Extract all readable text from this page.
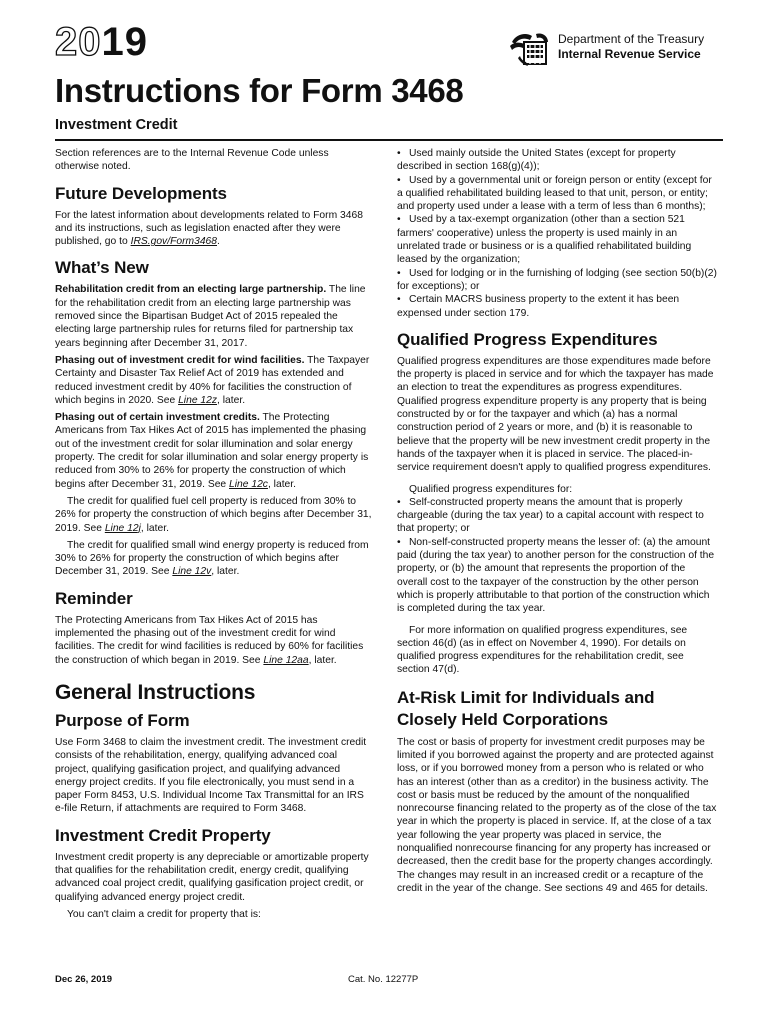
2019
Instructions for Form 3468
Investment Credit
Department of the Treasury
Internal Revenue Service

Section references are to the Internal Revenue Code unless otherwise noted.

Future Developments

For the latest information about developments related to Form 3468 and its instructions, such as legislation enacted after they were published, go to IRS.gov/Form3468.

What’s New

Rehabilitation credit from an electing large partnership. The line for the rehabilitation credit from an electing large partnership was removed since the Bipartisan Budget Act of 2015 repealed the electing large partnership rules for returns filed for partnership tax years beginning after December 31, 2017.

Phasing out of investment credit for wind facilities. The Taxpayer Certainty and Disaster Tax Relief Act of 2019 has extended and reduced investment credit by 40% for facilities the construction of which begins in 2020. See Line 12z, later.

Phasing out of certain investment credits. The Protecting Americans from Tax Hikes Act of 2015 has implemented the phasing out of the investment credit for solar illumination and solar energy property. The credit for solar illumination and solar energy property is reduced from 30% to 26% for property the construction of which begins after December 31, 2019. See Line 12c, later.

The credit for qualified fuel cell property is reduced from 30% to 26% for property the construction of which begins after December 31, 2019. See Line 12j, later.

The credit for qualified small wind energy property is reduced from 30% to 26% for property the construction of which begins after December 31, 2019. See Line 12v, later.

Reminder

The Protecting Americans from Tax Hikes Act of 2015 has implemented the phasing out of the investment credit for wind facilities. The credit for wind facilities is reduced by 60% for facilities the construction of which began in 2019. See Line 12aa, later.

General Instructions
Purpose of Form

Use Form 3468 to claim the investment credit. The investment credit consists of the rehabilitation, energy, qualifying advanced coal project, qualifying gasification project, and qualifying advanced energy project credits. If you file electronically, you must send in a paper Form 8453, U.S. Individual Income Tax Transmittal for an IRS e-file Return, if attachments are required to Form 3468.

Investment Credit Property

Investment credit property is any depreciable or amortizable property that qualifies for the rehabilitation credit, energy credit, qualifying advanced coal project credit, qualifying gasification project credit, or qualifying advanced energy project credit.

You can't claim a credit for property that is:

• Used mainly outside the United States (except for property described in section 168(g)(4));
• Used by a governmental unit or foreign person or entity (except for a qualified rehabilitated building leased to that unit, person, or entity; and property used under a lease with a term of less than 6 months);
• Used by a tax-exempt organization (other than a section 521 farmers' cooperative) unless the property is used mainly in an unrelated trade or business or is a qualified rehabilitated building leased by the organization;
• Used for lodging or in the furnishing of lodging (see section 50(b)(2) for exceptions); or
• Certain MACRS business property to the extent it has been expensed under section 179.
Qualified Progress Expenditures

Qualified progress expenditures are those expenditures made before the property is placed in service and for which the taxpayer has made an election to treat the expenditures as progress expenditures. Qualified progress expenditure property is any property that is being constructed by or for the taxpayer and which (a) has a normal construction period of 2 years or more, and (b) it is reasonable to believe that the property will be new investment credit property in the hands of the taxpayer when it is placed in service. The placed-in-service requirement doesn't apply to qualified progress expenditures.

Qualified progress expenditures for:

• Self-constructed property means the amount that is properly chargeable (during the tax year) to a capital account with respect to that property; or
• Non-self-constructed property means the lesser of: (a) the amount paid (during the tax year) to another person for the construction of the property, or (b) the amount that represents the proportion of the overall cost to the taxpayer of the construction by the other person which is properly attributable to that portion of the construction which is completed during the tax year.

For more information on qualified progress expenditures, see section 46(d) (as in effect on November 4, 1990). For details on qualified progress expenditures for the rehabilitation credit, see section 47(d).

At-Risk Limit for Individuals and Closely Held Corporations

The cost or basis of property for investment credit purposes may be limited if you borrowed against the property and are protected against loss, or if you borrowed money from a person who is related or who has an interest (other than as a creditor) in the business activity. The cost or basis must be reduced by the amount of the nonqualified nonrecourse financing related to the property as of the close of the tax year in which the property is placed in service. If, at the close of a tax year following the year property was placed in service, the nonqualified nonrecourse financing for any property has increased or decreased, then the credit base for the property changes accordingly. The changes may result in an increased credit or a recapture of the credit in the year of the change. See sections 49 and 465 for details.

Dec 26, 2019	Cat. No. 12277P
